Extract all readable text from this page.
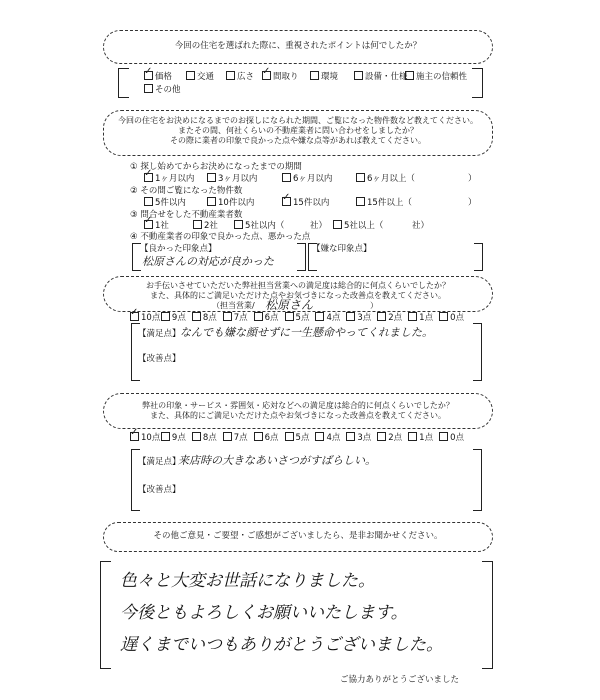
今回の住宅を選ばれた際に、重視されたポイントは何でしたか？
✓価格	交通	広さ ✓	間取り	環境	設備・仕様 施主の信頼性
その他
今回の住宅をお決めになるまでのお探しになられた期間、ご覧になった物件数など教えてください。
またその間、何社くらいの不動産業者に問い合わせをしましたか？
その際に業者の印象で良かった点や嫌な点等があれば教えてください。
① 探し始めてからお決めになったまでの期間
✓1ヶ月以内	3ヶ月以内	6ヶ月以内	6ヶ月以上（	）
② その間ご覧になった物件数
5件以内	10件以内 ✓	15件以内	15件以上（	）
③ 問合せをした不動産業者数
✓1社	2社	5社以内（	社）	5社以上（	社）
④ 不動産業者の印象で良かった点、悪かった点
【良かった印象点】
松原さんの対応が良かった
【嫌な印象点】
お手伝いさせていただいた弊社担当営業への満足度は総合的に何点くらいでしたか？
また、具体的にご満足いただけた点やお気づきになった改善点を教えてください。
（担当営業/ 松原さん	）
✓10点	9点	8点	7点	6点	5点	4点	3点	2点	1点	0点
【満足点】 なんでも嫌な顔せずに一生懸命やってくれました。
【改善点】
弊社の印象・サービス・雰囲気・応対などへの満足度は総合的に何点くらいでしたか？
また、具体的にご満足いただけた点やお気づきになった改善点を教えてください。
✓10点	9点	8点	7点	6点	5点	4点	3点	2点	1点	0点
【満足点】
来店時の大きなあいさつがすばらしい。
【改善点】
その他ご意見・ご要望・ご感想がございましたら、是非お聞かせください。
色々と大変お世話になりました。
今後ともよろしくお願いいたします。
遅くまでいつもありがとうございました。
ご協力ありがとうございました
